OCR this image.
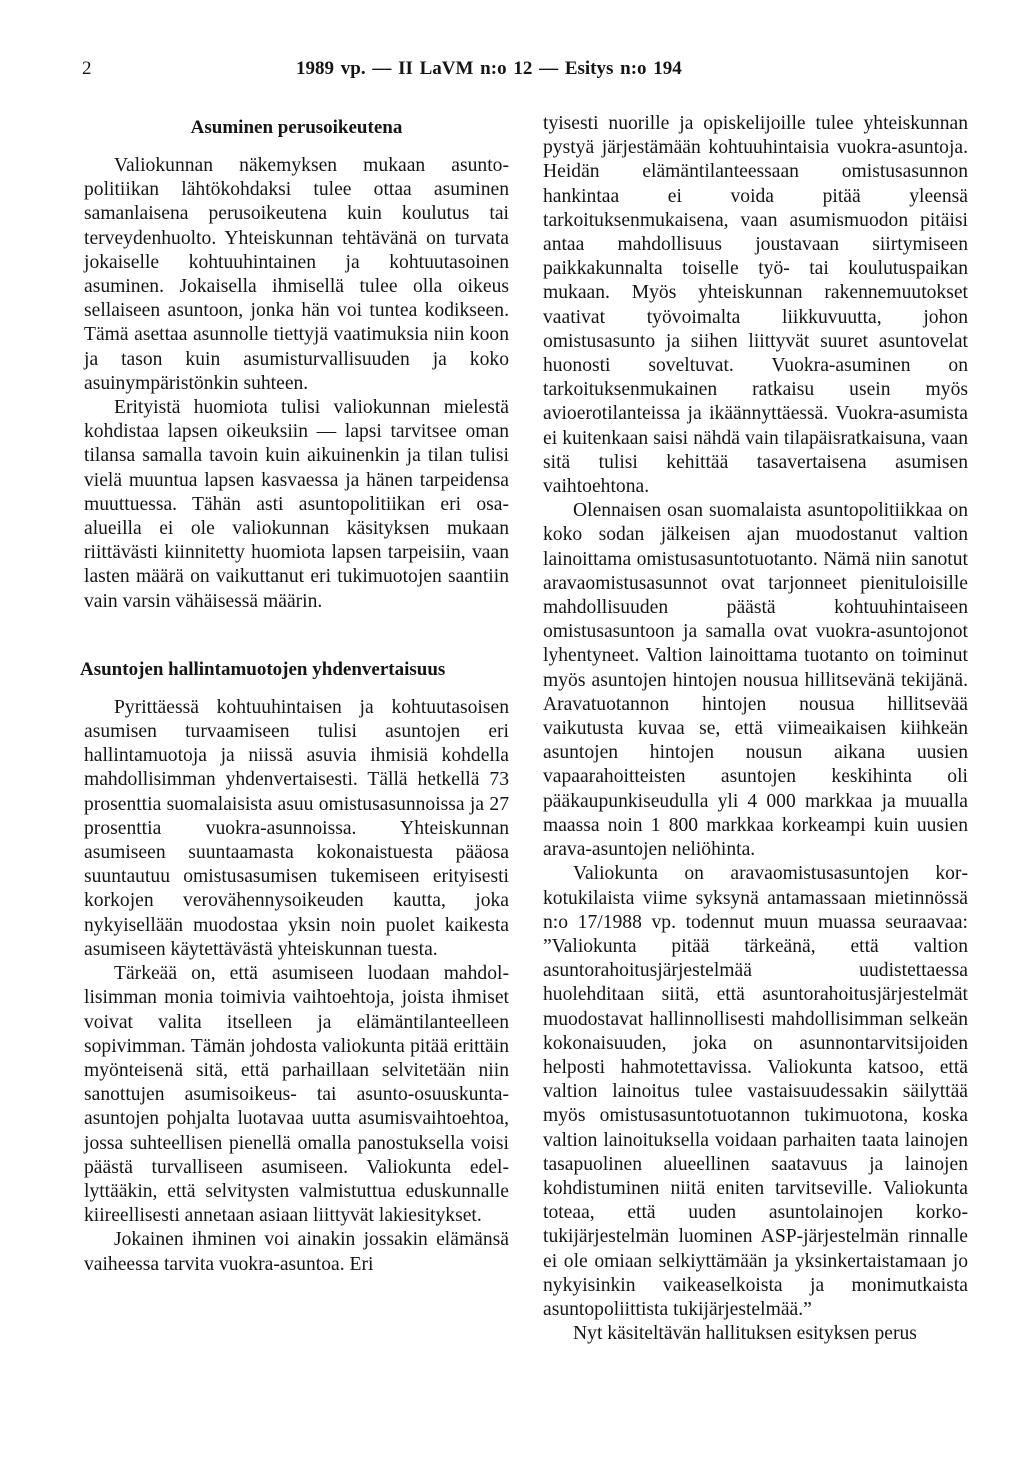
2	1989 vp. — II LaVM n:o 12 — Esitys n:o 194
Asuminen perusoikeutena

Valiokunnan näkemyksen mukaan asuntopolitiikan lähtökohdaksi tulee ottaa asuminen samanlaisena perusoikeutena kuin koulutus tai terveydenhuolto. Yhteiskunnan tehtävänä on turvata jokaiselle kohtuuhintainen ja kohtuutasoinen asuminen. Jokaisella ihmisellä tulee olla oikeus sellaiseen asuntoon, jonka hän voi tuntea kodikseen. Tämä asettaa asunnolle tiettyjä vaatimuksia niin koon ja tason kuin asumisturvallisuuden ja koko asuinympäristönkin suhteen.

Erityistä huomiota tulisi valiokunnan mielestä kohdistaa lapsen oikeuksiin — lapsi tarvitsee oman tilansa samalla tavoin kuin aikuinenkin ja tilan tulisi vielä muuntua lapsen kasvaessa ja hänen tarpeidensa muuttuessa. Tähän asti asuntopolitiikan eri osa-alueilla ei ole valiokunnan käsityksen mukaan riittävästi kiinnitetty huomiota lapsen tarpeisiin, vaan lasten määrä on vaikuttanut eri tukimuotojen saantiin vain varsin vähäisessä määrin.

Asuntojen hallintamuotojen yhdenvertaisuus

Pyrittäessä kohtuuhintaisen ja kohtuutasoisen asumisen turvaamiseen tulisi asuntojen eri hallintamuotoja ja niissä asuvia ihmisiä kohdella mahdollisimman yhdenvertaisesti. Tällä hetkellä 73 prosenttia suomalaisista asuu omistusasunnoissa ja 27 prosenttia vuokra-asunnoissa. Yhteiskunnan asumiseen suuntaamasta kokonaistuesta pääosa suuntautuu omistusasumisen tukemiseen erityisesti korkojen verovähennysoikeuden kautta, joka nykyisellään muodostaa yksin noin puolet kaikesta asumiseen käytettävästä yhteiskunnan tuesta.

Tärkeää on, että asumiseen luodaan mahdollisimman monia toimivia vaihtoehtoja, joista ihmiset voivat valita itselleen ja elämäntilanteelleen sopivimman. Tämän johdosta valiokunta pitää erittäin myönteisenä sitä, että parhaillaan selvitetään niin sanottujen asumisoikeus- tai asunto-osuuskunta-asuntojen pohjalta luotavaa uutta asumisvaihtoehtoa, jossa suhteellisen pienellä omalla panostuksella voisi päästä turvalliseen asumiseen. Valiokunta edellyttääkin, että selvitysten valmistuttua eduskunnalle kiireellisesti annetaan asiaan liittyvät lakiesitykset.

Jokainen ihminen voi ainakin jossakin elämänsä vaiheessa tarvita vuokra-asuntoa. Eri

tyisesti nuorille ja opiskelijoille tulee yhteiskunnan pystyä järjestämään kohtuuhintaisia vuokra-asuntoja. Heidän elämäntilanteessaan omistusasunnon hankintaa ei voida pitää yleensä tarkoituksenmukaisena, vaan asumismuodon pitäisi antaa mahdollisuus joustavaan siirtymiseen paikkakunnalta toiselle työ- tai koulutuspaikan mukaan. Myös yhteiskunnan rakennemuutokset vaativat työvoimalta liikkuvuutta, johon omistusasunto ja siihen liittyvät suuret asuntovelat huonosti soveltuvat. Vuokra-asuminen on tarkoituksenmukainen ratkaisu usein myös avioerotilanteissa ja ikäännyttäessä. Vuokra-asumista ei kuitenkaan saisi nähdä vain tilapäisratkaisuna, vaan sitä tulisi kehittää tasavertaisena asumisen vaihtoehtona.

Olennaisen osan suomalaista asuntopolitiikkaa on koko sodan jälkeisen ajan muodostanut valtion lainoittama omistusasuntotuotanto. Nämä niin sanotut aravaomistusasunnot ovat tarjonneet pienituloisille mahdollisuuden päästä kohtuuhintaiseen omistusasuntoon ja samalla ovat vuokra-asuntojonot lyhentyneet. Valtion lainoittama tuotanto on toiminut myös asuntojen hintojen nousua hillitsevänä tekijänä. Aravatuotannon hintojen nousua hillitsevää vaikutusta kuvaa se, että viimeaikaisen kiihkeän asuntojen hintojen nousun aikana uusien vapaarahoitteisten asuntojen keskihinta oli pääkaupunkiseudulla yli 4 000 markkaa ja muualla maassa noin 1 800 markkaa korkeampi kuin uusien arava-asuntojen neliöhinta.

Valiokunta on aravaomistusasuntojen korkotukilaista viime syksynä antamassaan mietinnössä n:o 17/1988 vp. todennut muun muassa seuraavaa: ”Valiokunta pitää tärkeänä, että valtion asuntorahoitusjärjestelmää uudistettaessa huolehditaan siitä, että asuntorahoitusjärjestelmät muodostavat hallinnollisesti mahdollisimman selkeän kokonaisuuden, joka on asunnontarvitsijoiden helposti hahmotettavissa. Valiokunta katsoo, että valtion lainoitus tulee vastaisuudessakin säilyttää myös omistusasuntotuotannon tukimuotona, koska valtion lainoituksella voidaan parhaiten taata lainojen tasapuolinen alueellinen saatavuus ja lainojen kohdistuminen niitä eniten tarvitseville. Valiokunta toteaa, että uuden asuntolainojen korkotukijärjestelmän luominen ASP-järjestelmän rinnalle ei ole omiaan selkiyttämään ja yksinkertaistamaan jo nykyisinkin vaikeaselkoista ja monimutkaista asuntopoliittista tukijärjestelmää.”

Nyt käsiteltävän hallituksen esityksen perus
